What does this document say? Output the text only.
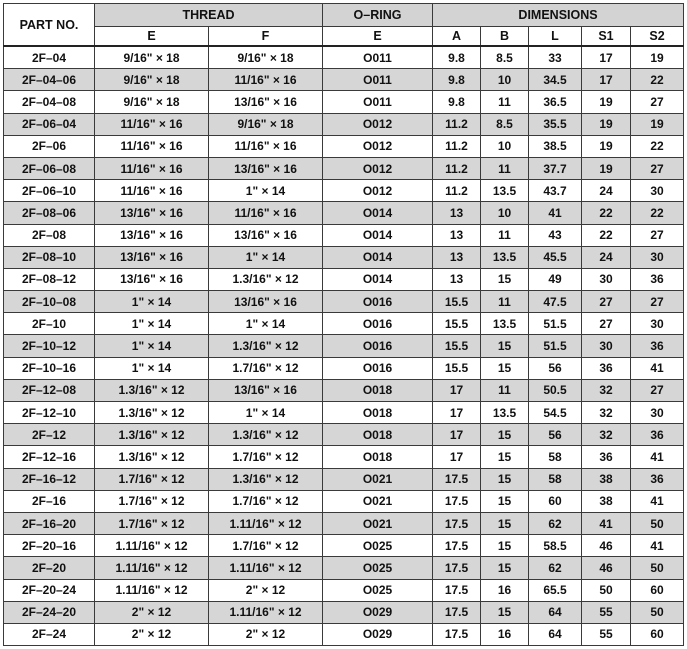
PART NO.	THREAD		O–RING	DIMENSIONS				
	E	F	E	A	B	L	S1	S2
2F–04	9/16" × 18	9/16" × 18	O011	9.8	8.5	33	17	19
2F–04–06	9/16" × 18	11/16" × 16	O011	9.8	10	34.5	17	22
2F–04–08	9/16" × 18	13/16" × 16	O011	9.8	11	36.5	19	27
2F–06–04	11/16" × 16	9/16" × 18	O012	11.2	8.5	35.5	19	19
2F–06	11/16" × 16	11/16" × 16	O012	11.2	10	38.5	19	22
2F–06–08	11/16" × 16	13/16" × 16	O012	11.2	11	37.7	19	27
2F–06–10	11/16" × 16	1" × 14	O012	11.2	13.5	43.7	24	30
2F–08–06	13/16" × 16	11/16" × 16	O014	13	10	41	22	22
2F–08	13/16" × 16	13/16" × 16	O014	13	11	43	22	27
2F–08–10	13/16" × 16	1" × 14	O014	13	13.5	45.5	24	30
2F–08–12	13/16" × 16	1.3/16" × 12	O014	13	15	49	30	36
2F–10–08	1" × 14	13/16" × 16	O016	15.5	11	47.5	27	27
2F–10	1" × 14	1" × 14	O016	15.5	13.5	51.5	27	30
2F–10–12	1" × 14	1.3/16" × 12	O016	15.5	15	51.5	30	36
2F–10–16	1" × 14	1.7/16" × 12	O016	15.5	15	56	36	41
2F–12–08	1.3/16" × 12	13/16" × 16	O018	17	11	50.5	32	27
2F–12–10	1.3/16" × 12	1" × 14	O018	17	13.5	54.5	32	30
2F–12	1.3/16" × 12	1.3/16" × 12	O018	17	15	56	32	36
2F–12–16	1.3/16" × 12	1.7/16" × 12	O018	17	15	58	36	41
2F–16–12	1.7/16" × 12	1.3/16" × 12	O021	17.5	15	58	38	36
2F–16	1.7/16" × 12	1.7/16" × 12	O021	17.5	15	60	38	41
2F–16–20	1.7/16" × 12	1.11/16" × 12	O021	17.5	15	62	41	50
2F–20–16	1.11/16" × 12	1.7/16" × 12	O025	17.5	15	58.5	46	41
2F–20	1.11/16" × 12	1.11/16" × 12	O025	17.5	15	62	46	50
2F–20–24	1.11/16" × 12	2" × 12	O025	17.5	16	65.5	50	60
2F–24–20	2" × 12	1.11/16" × 12	O029	17.5	15	64	55	50
2F–24	2" × 12	2" × 12	O029	17.5	16	64	55	60
